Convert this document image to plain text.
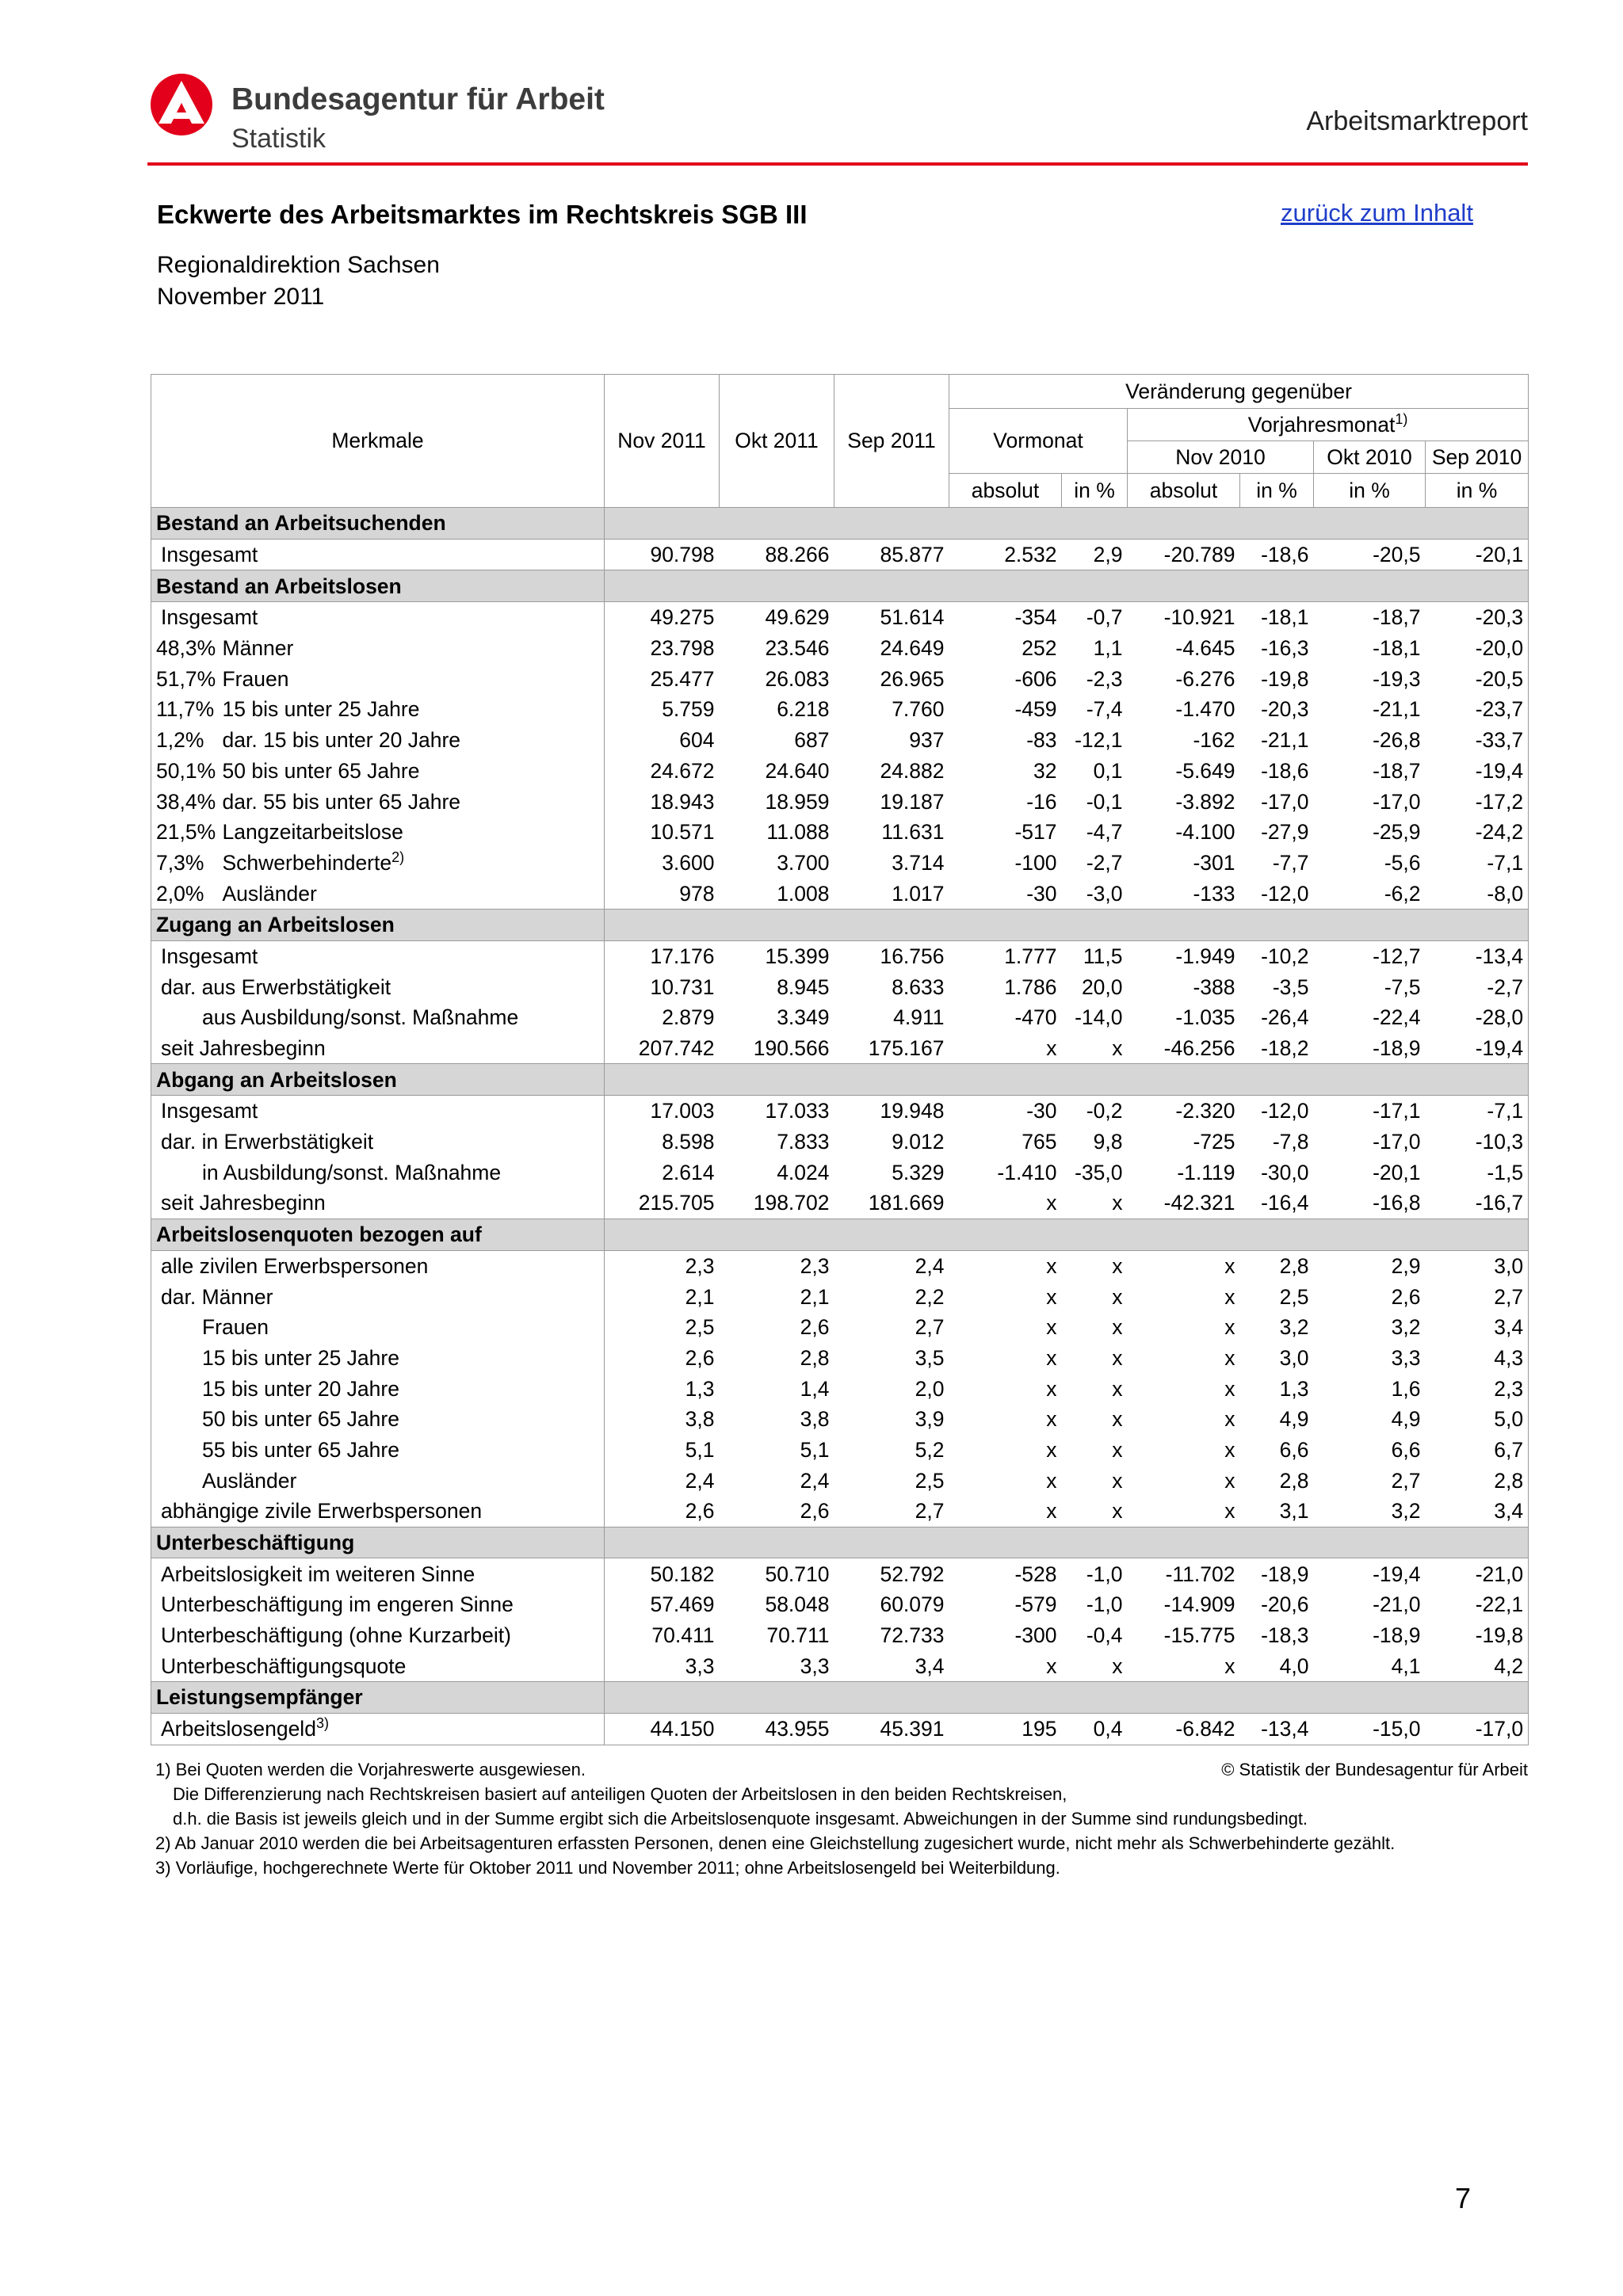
Bundesagentur für Arbeit
Statistik
Arbeitsmarktreport
Eckwerte des Arbeitsmarktes im Rechtskreis SGB III	zurück zum Inhalt
Regionaldirektion Sachsen
November 2011
Merkmale		Nov 2011	Okt 2011	Sep 2011	Veränderung gegenüber					
					Vormonat		Vorjahresmonat$^{1)}$
							Nov 2010		Okt 2010	Sep 2010
					absolut	in %	absolut	in %	in %	in %
Bestand an Arbeitsuchenden										
Insgesamt		90.798	88.266	85.877	2.532	2,9	-20.789	-18,6	-20,5	-20,1
Bestand an Arbeitslosen										
Insgesamt		49.275	49.629	51.614	-354	-0,7	-10.921	-18,1	-18,7	-20,3
48,3%	Männer	23.798	23.546	24.649	252	1,1	-4.645	-16,3	-18,1	-20,0
51,7%	Frauen	25.477	26.083	26.965	-606	-2,3	-6.276	-19,8	-19,3	-20,5
11,7%	15 bis unter 25 Jahre	5.759	6.218	7.760	-459	-7,4	-1.470	-20,3	-21,1	-23,7
1,2%	dar. 15 bis unter 20 Jahre	604	687	937	-83	-12,1	-162	-21,1	-26,8	-33,7
50,1%	50 bis unter 65 Jahre	24.672	24.640	24.882	32	0,1	-5.649	-18,6	-18,7	-19,4
38,4%	dar. 55 bis unter 65 Jahre	18.943	18.959	19.187	-16	-0,1	-3.892	-17,0	-17,0	-17,2
21,5%	Langzeitarbeitslose	10.571	11.088	11.631	-517	-4,7	-4.100	-27,9	-25,9	-24,2
7,3%	Schwerbehinderte$^{2)}$	3.600	3.700	3.714	-100	-2,7	-301	-7,7	-5,6	-7,1
2,0%	Ausländer	978	1.008	1.017	-30	-3,0	-133	-12,0	-6,2	-8,0
Zugang an Arbeitslosen										
Insgesamt		17.176	15.399	16.756	1.777	11,5	-1.949	-10,2	-12,7	-13,4
dar. aus Erwerbstätigkeit		10.731	8.945	8.633	1.786	20,0	-388	-3,5	-7,5	-2,7
aus Ausbildung/sonst. Maßnahme		2.879	3.349	4.911	-470	-14,0	-1.035	-26,4	-22,4	-28,0
seit Jahresbeginn		207.742	190.566	175.167	x	x	-46.256	-18,2	-18,9	-19,4
Abgang an Arbeitslosen										
Insgesamt		17.003	17.033	19.948	-30	-0,2	-2.320	-12,0	-17,1	-7,1
dar. in Erwerbstätigkeit		8.598	7.833	9.012	765	9,8	-725	-7,8	-17,0	-10,3
in Ausbildung/sonst. Maßnahme		2.614	4.024	5.329	-1.410	-35,0	-1.119	-30,0	-20,1	-1,5
seit Jahresbeginn		215.705	198.702	181.669	x	x	-42.321	-16,4	-16,8	-16,7
Arbeitslosenquoten bezogen auf										
alle zivilen Erwerbspersonen		2,3	2,3	2,4	x	x	x	2,8	2,9	3,0
dar. Männer		2,1	2,1	2,2	x	x	x	2,5	2,6	2,7
Frauen		2,5	2,6	2,7	x	x	x	3,2	3,2	3,4
15 bis unter 25 Jahre		2,6	2,8	3,5	x	x	x	3,0	3,3	4,3
15 bis unter 20 Jahre		1,3	1,4	2,0	x	x	x	1,3	1,6	2,3
50 bis unter 65 Jahre		3,8	3,8	3,9	x	x	x	4,9	4,9	5,0
55 bis unter 65 Jahre		5,1	5,1	5,2	x	x	x	6,6	6,6	6,7
Ausländer		2,4	2,4	2,5	x	x	x	2,8	2,7	2,8
abhängige zivile Erwerbspersonen		2,6	2,6	2,7	x	x	x	3,1	3,2	3,4
Unterbeschäftigung										
Arbeitslosigkeit im weiteren Sinne		50.182	50.710	52.792	-528	-1,0	-11.702	-18,9	-19,4	-21,0
Unterbeschäftigung im engeren Sinne		57.469	58.048	60.079	-579	-1,0	-14.909	-20,6	-21,0	-22,1
Unterbeschäftigung (ohne Kurzarbeit)		70.411	70.711	72.733	-300	-0,4	-15.775	-18,3	-18,9	-19,8
Unterbeschäftigungsquote		3,3	3,3	3,4	x	x	x	4,0	4,1	4,2
Leistungsempfänger										
Arbeitslosengeld$^{3)}$		44.150	43.955	45.391	195	0,4	-6.842	-13,4	-15,0	-17,0
1) Bei Quoten werden die Vorjahreswerte ausgewiesen.
Die Differenzierung nach Rechtskreisen basiert auf anteiligen Quoten der Arbeitslosen in den beiden Rechtskreisen,
d.h. die Basis ist jeweils gleich und in der Summe ergibt sich die Arbeitslosenquote insgesamt. Abweichungen in der Summe sind rundungsbedingt.
2) Ab Januar 2010 werden die bei Arbeitsagenturen erfassten Personen, denen eine Gleichstellung zugesichert wurde, nicht mehr als Schwerbehinderte gezählt.
3) Vorläufige, hochgerechnete Werte für Oktober 2011 und November 2011; ohne Arbeitslosengeld bei Weiterbildung.
© Statistik der Bundesagentur für Arbeit
7
